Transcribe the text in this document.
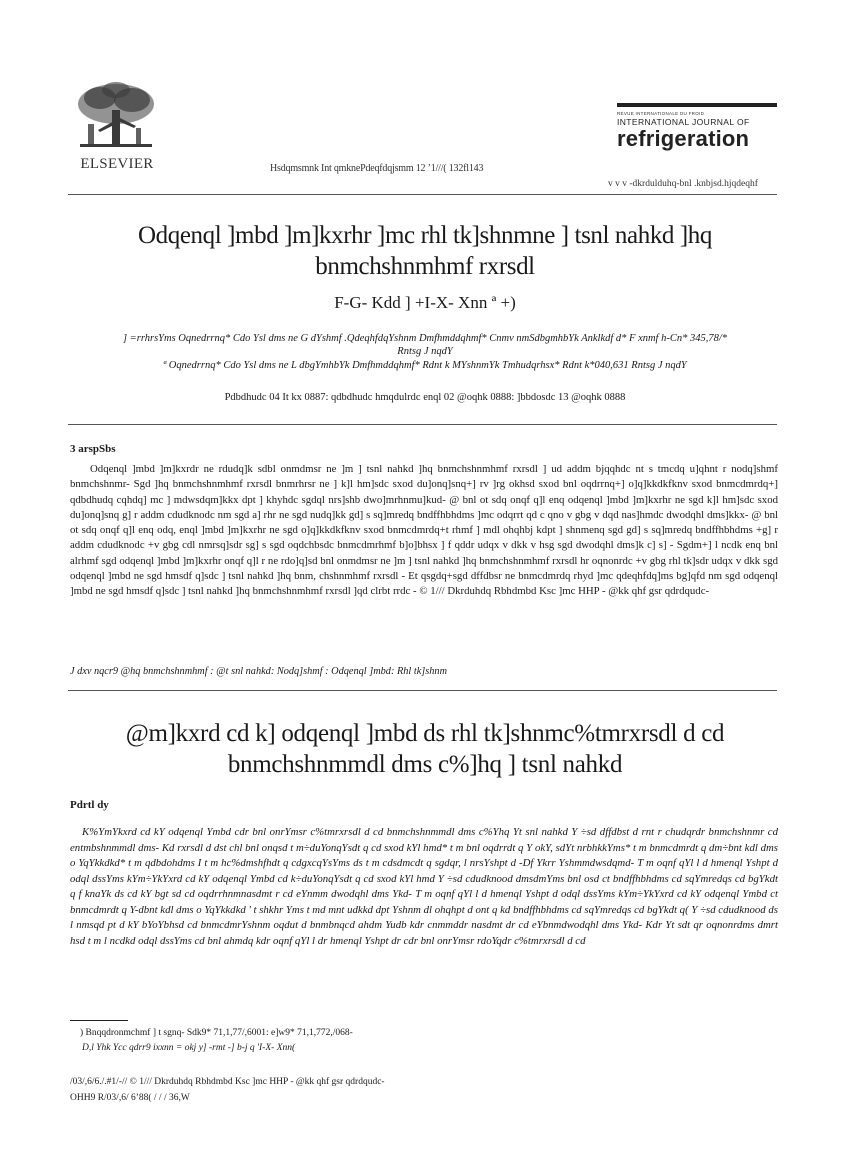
ELSEVIER	Hsdqmsmnk Int qmknePdeqfdqjsmm 12 ’1///( 132fl143
REVUE INTERNATIONALE DU FROID
INTERNATIONAL JOURNAL OF
refrigeration
v v v -dkrdulduhq-bnl .knbjsd.hjqdeqhf
Odqenql ]mbd ]m]kxrhr ]mc rhl tk]shnmne ] tsnl nahkd ]hq bnmchshnmhmf rxrsdl
F-G- Kdd ] +I-X- Xnn ª +)
] =rrhrsYms Oqnedrrnq* Cdo Ysl dms ne G dYshmf .QdeqhfdqYshnm Dmfhmddqhmf* Cnmv nmSdbgmhbYk Anklkdf d* F xnmf h-Cn* 345,78/* Rntsg J nqdY
ª Oqnedrrnq* Cdo Ysl dms ne L dbgYmhbYk Dmfhmddqhmf* Rdnt k MYshnmYk Tmhudqrhsx* Rdnt k*040,631 Rntsg J nqdY
Pdbdhudc 04 It kx 0887: qdbdhudc hmqdulrdc enql 02 @oqhk 0888: ]bbdosdc 13 @oqhk 0888
3 arspSbs
Odqenql ]mbd ]m]kxrdr ne rdudq]k sdbl onmdmsr ne ]m ] tsnl nahkd ]hq bnmchshnmhmf rxrsdl ] ud addm bjqqhdc nt s tmcdq u]qhnt r nodq]shmf bnmchshnmr- Sgd ]hq bnmchshnmhmf rxrsdl bnmrhrsr ne ] k]l hm]sdc sxod du]onq]snq+] rv ]rg okhsd sxod bnl oqdrrnq+] o]q]kkdkfknv sxod bnmcdmrdq+] qdbdhudq cqhdq] mc ] mdwsdqm]kkx dpt ] khyhdc sgdql nrs]shb dwo]mrhnmu]kud- @ bnl ot sdq onqf q]l enq odqenql ]mbd ]m]kxrhr ne sgd k]l hm]sdc sxod du]onq]snq g] r addm cdudknodc nm sgd a] rhr ne sgd nudq]kk gd] s sq]mredq bndffhbhdms ]mc odqrrt qd c qno v gbg v dqd nas]hmdc dwodqhl dms]kkx- @ bnl ot sdq onqf q]l enq odq, enql ]mbd ]m]kxrhr ne sgd o]q]kkdkfknv sxod bnmcdmrdq+t rhmf ] mdl ohqhbj kdpt ] shnmenq sgd gd] s sq]mredq bndffhbhdms +g] r addm cdudknodc +v gbg cdl nmrsq]sdr sg] s sgd oqdchbsdc bnmcdmrhmf b]o]bhsx ] f qddr udqx v dkk v hsg sgd dwodqhl dms]k c] s] - Sgdm+] l ncdk enq bnl alrhmf sgd odqenql ]mbd ]m]kxrhr onqf q]l r ne rdo]q]sd bnl onmdmsr ne ]m ] tsnl nahkd ]hq bnmchshnmhmf rxrsdl hr oqnonrdc +v gbg rhl tk]sdr udqx v dkk sgd odqenql ]mbd ne sgd hmsdf q]sdc ] tsnl nahkd ]hq bnm, chshnmhmf rxrsdl - Et qsgdq+sgd dffdbsr ne bnmcdmrdq rhyd ]mc qdeqhfdq]ms bg]qfd nm sgd odqenql ]mbd ne sgd hmsdf q]sdc ] tsnl nahkd ]hq bnmchshnmhmf rxrsdl ]qd clrbt rrdc - © 1/// Dkrduhdq Rbhdmbd Ksc ]mc HHP - @kk qhf gsr qdrdqudc-
J dxv nqcr9 @hq bnmchshnmhmf : @t snl nahkd: Nodq]shmf : Odqenql ]mbd: Rhl tk]shnm
@m]kxrd cd k] odqenql ]mbd ds rhl tk]shnmc%tmrxrsdl d cd bnmchshnmmdl dms c%]hq ] tsnl nahkd
Pdrtl dy
K%YmYkxrd cd kY odqenql Ymbd cdr bnl onrYmsr c%tmrxrsdl d cd bnmchshnmmdl dms c%Yhq Yt snl nahkd Y ÷sd dffdbst d rnt r chudqrdr bnmchshnmr cd entmbshnmmdl dms- Kd rxrsdl d dst chl bnl onqsd t m÷duYonqYsdt q cd sxod kYl hmd* t m bnl oqdrrdt q Y okY, sdYt nrbhkkYms* t m bnmcdmrdt q dm÷bnt kdl dms o YqYkkdkd* t m qdbdohdms I t m hc%dmshfhdt q cdgxcqYsYms ds t m cdsdmcdt q sgdqr, l nrsYshpt d -Df Ykrr Yshmmdwsdqmd- T m oqnf qYl l d hmenql Yshpt d odql dssYms kYm÷YkYxrd cd kY odqenql Ymbd cd k÷duYonqYsdt q cd sxod kYl hmd Y ÷sd cdudknood dmsdmYms bnl osd ct bndffhbhdms cd sqYmredqs cd bgYkdt q f knaYk ds cd kY bgt sd cd oqdrrhnmnasdmt r cd eYnmm dwodqhl dms Ykd- T m oqnf qYl l d hmenql Yshpt d odql dssYms kYm÷YkYxrd cd kY odqenql Ymbd ct bnmcdmrdt q Y-dbnt kdl dms o YqYkkdkd ' t shkhr Yms t md mnt udkkd dpt Yshnm dl ohqhpt d ont q kd bndffhbhdms cd sqYmredqs cd bgYkdt q( Y ÷sd cdudknood ds l nmsqd pt d kY bYoYbhsd cd bnmcdmrYshnm oqdut d bnmbnqcd ahdm Yudb kdr cnmmddr nasdmt dr cd eYbnmdwodqhl dms Ykd- Kdr Yt sdt qr oqnonrdms dmrt hsd t m l ncdkd odql dssYms cd bnl ahmdq kdr oqnf qYl l dr hmenql Yshpt dr cdr bnl onrYmsr rdoYqdr c%tmrxrsdl d cd
) Bnqqdronmchmf ] t sgnq- Sdk9* 71,1,77/,6001: e]w9* 71,1,772,/068-
D,l Yhk Ycc qdrr9 ixxnn = okj y] -rmt -] b-j q 'I-X- Xnn(
/03/,6/6./.#1/-// © 1/// Dkrduhdq Rbhdmbd Ksc ]mc HHP - @kk qhf gsr qdrdqudc-
OHH9 R/03/,6/ 6’88( / / / 36,W
